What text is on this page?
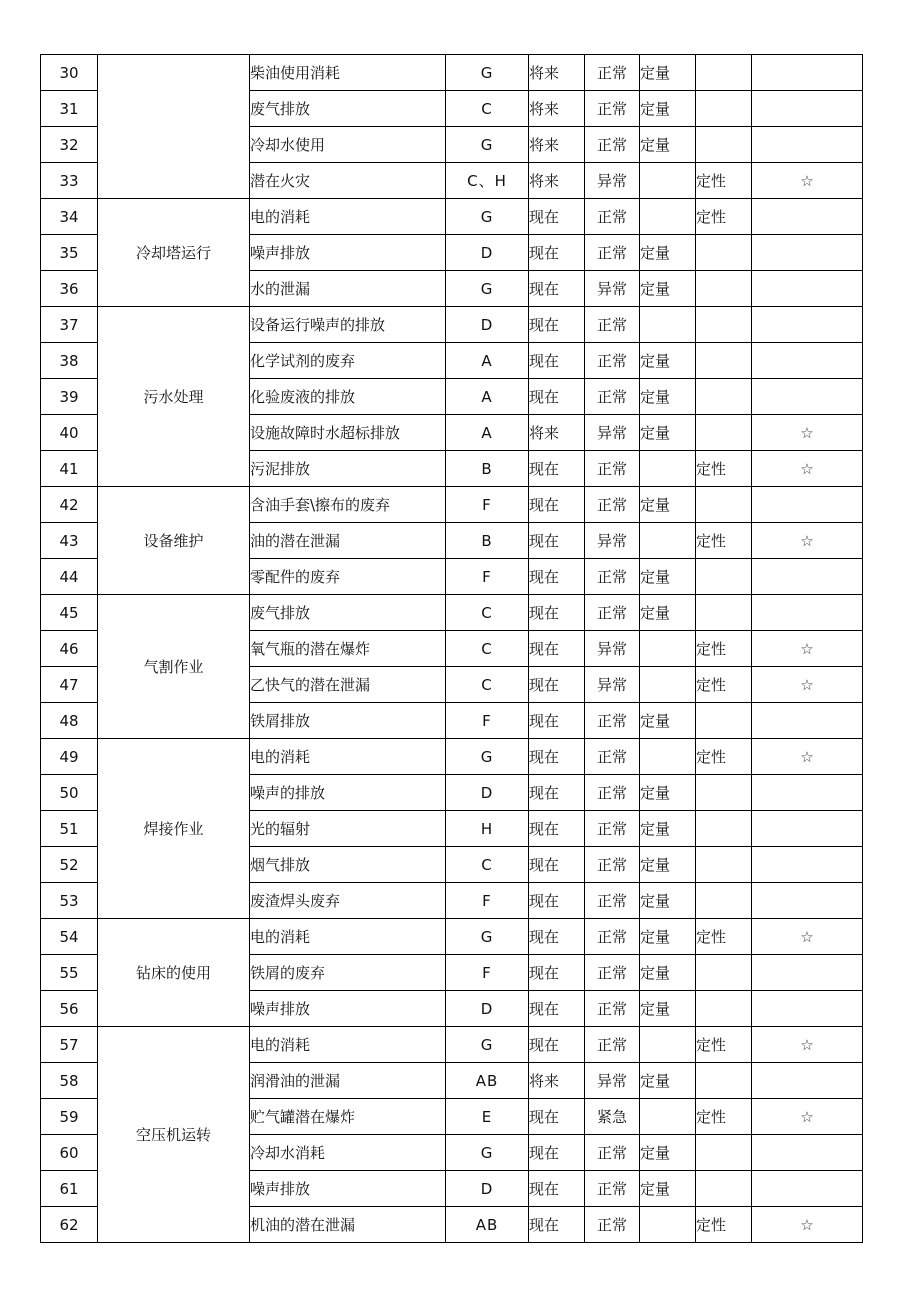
30		柴油使用消耗	G	将来	正常	定量		
31		废气排放	C	将来	正常	定量		
32		冷却水使用	G	将来	正常	定量		
33		潜在火灾	C、H	将来	异常		定性	☆
34	冷却塔运行	电的消耗	G	现在	正常		定性	
35		噪声排放	D	现在	正常	定量		
36		水的泄漏	G	现在	异常	定量		
37	污水处理	设备运行噪声的排放	D	现在	正常			
38		化学试剂的废弃	A	现在	正常	定量		
39		化验废液的排放	A	现在	正常	定量		
40		设施故障时水超标排放	A	将来	异常	定量		☆
41		污泥排放	B	现在	正常		定性	☆
42	设备维护	含油手套\擦布的废弃	F	现在	正常	定量		
43		油的潜在泄漏	B	现在	异常		定性	☆
44		零配件的废弃	F	现在	正常	定量		
45	气割作业	废气排放	C	现在	正常	定量		
46		氧气瓶的潜在爆炸	C	现在	异常		定性	☆
47		乙快气的潜在泄漏	C	现在	异常		定性	☆
48		铁屑排放	F	现在	正常	定量		
49	焊接作业	电的消耗	G	现在	正常		定性	☆
50		噪声的排放	D	现在	正常	定量		
51		光的辐射	H	现在	正常	定量		
52		烟气排放	C	现在	正常	定量		
53		废渣焊头废弃	F	现在	正常	定量		
54	钻床的使用	电的消耗	G	现在	正常	定量	定性	☆
55		铁屑的废弃	F	现在	正常	定量		
56		噪声排放	D	现在	正常	定量		
57	空压机运转	电的消耗	G	现在	正常		定性	☆
58		润滑油的泄漏	AB	将来	异常	定量		
59		贮气罐潜在爆炸	E	现在	紧急		定性	☆
60		冷却水消耗	G	现在	正常	定量		
61		噪声排放	D	现在	正常	定量		
62		机油的潜在泄漏	AB	现在	正常		定性	☆
